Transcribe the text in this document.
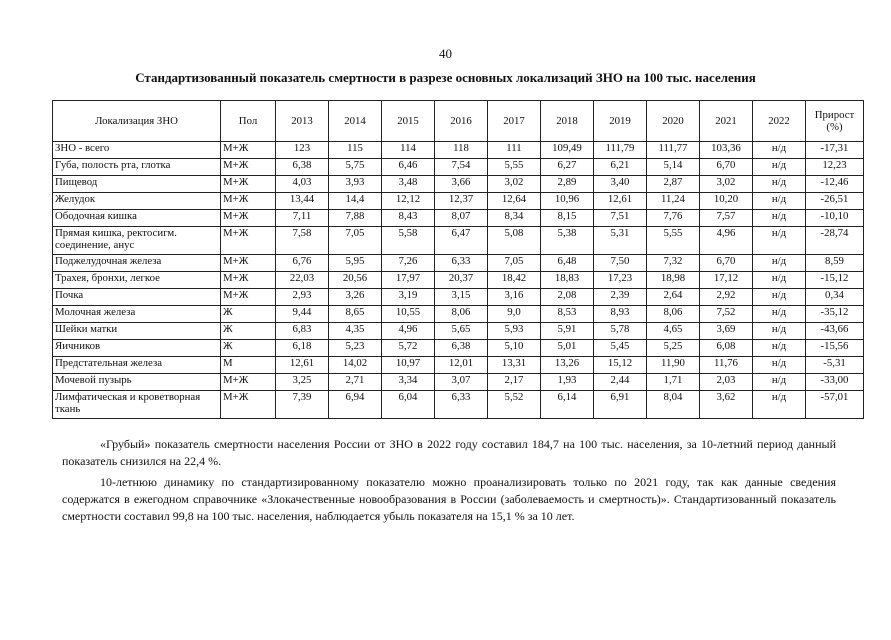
40
Стандартизованный показатель смертности в разрезе основных локализаций ЗНО на 100 тыс. населения
Локализация ЗНО	Пол	2013	2014	2015	2016	2017	2018	2019	2020	2021	2022	Прирост (%)
ЗНО - всего	М+Ж	123	115	114	118	111	109,49	111,79	111,77	103,36	н/д	-17,31
Губа, полость рта, глотка	М+Ж	6,38	5,75	6,46	7,54	5,55	6,27	6,21	5,14	6,70	н/д	12,23
Пищевод	М+Ж	4,03	3,93	3,48	3,66	3,02	2,89	3,40	2,87	3,02	н/д	-12,46
Желудок	М+Ж	13,44	14,4	12,12	12,37	12,64	10,96	12,61	11,24	10,20	н/д	-26,51
Ободочная кишка	М+Ж	7,11	7,88	8,43	8,07	8,34	8,15	7,51	7,76	7,57	н/д	-10,10
Прямая кишка, ректосигм. соединение, анус	М+Ж	7,58	7,05	5,58	6,47	5,08	5,38	5,31	5,55	4,96	н/д	-28,74
Поджелудочная железа	М+Ж	6,76	5,95	7,26	6,33	7,05	6,48	7,50	7,32	6,70	н/д	8,59
Трахея, бронхи, легкое	М+Ж	22,03	20,56	17,97	20,37	18,42	18,83	17,23	18,98	17,12	н/д	-15,12
Почка	М+Ж	2,93	3,26	3,19	3,15	3,16	2,08	2,39	2,64	2,92	н/д	0,34
Молочная железа	Ж	9,44	8,65	10,55	8,06	9,0	8,53	8,93	8,06	7,52	н/д	-35,12
Шейки матки	Ж	6,83	4,35	4,96	5,65	5,93	5,91	5,78	4,65	3,69	н/д	-43,66
Яичников	Ж	6,18	5,23	5,72	6,38	5,10	5,01	5,45	5,25	6,08	н/д	-15,56
Предстательная железа	М	12,61	14,02	10,97	12,01	13,31	13,26	15,12	11,90	11,76	н/д	-5,31
Мочевой пузырь	М+Ж	3,25	2,71	3,34	3,07	2,17	1,93	2,44	1,71	2,03	н/д	-33,00
Лимфатическая и кроветворная ткань	М+Ж	7,39	6,94	6,04	6,33	5,52	6,14	6,91	8,04	3,62	н/д	-57,01

«Грубый» показатель смертности населения России от ЗНО в 2022 году составил 184,7 на 100 тыс. населения, за 10-летний период данный показатель снизился на 22,4 %.

10-летнюю динамику по стандартизированному показателю можно проанализировать только по 2021 году, так как данные сведения содержатся в ежегодном справочнике «Злокачественные новообразования в России (заболеваемость и смертность)». Стандартизованный показатель смертности составил 99,8 на 100 тыс. населения, наблюдается убыль показателя на 15,1 % за 10 лет.
